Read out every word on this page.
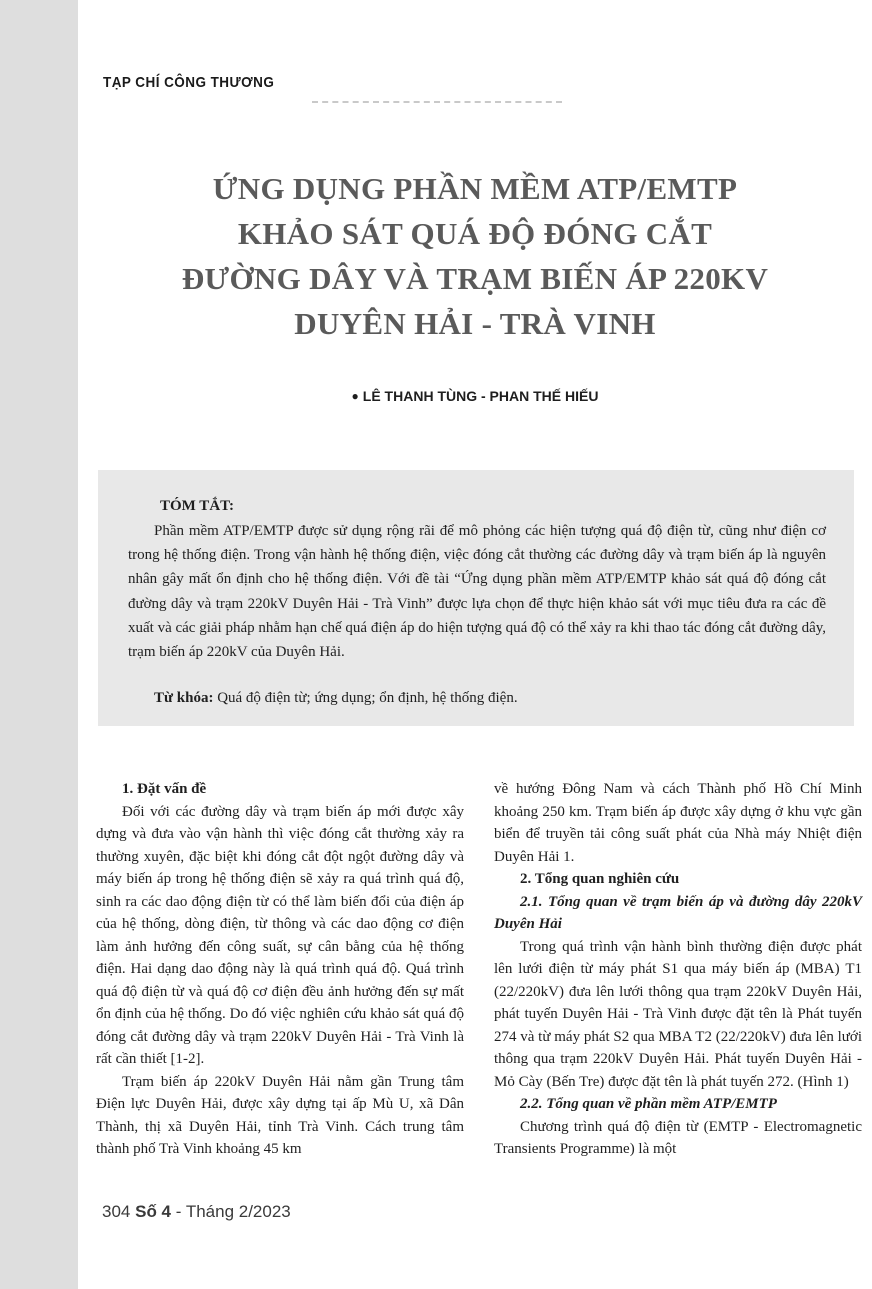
TẠP CHÍ CÔNG THƯƠNG
ỨNG DỤNG PHẦN MỀM ATP/EMTP
KHẢO SÁT QUÁ ĐỘ ĐÓNG CẮT
ĐƯỜNG DÂY VÀ TRẠM BIẾN ÁP 220KV
DUYÊN HẢI - TRÀ VINH
● LÊ THANH TÙNG - PHAN THẾ HIẾU
TÓM TẮT:
Phần mềm ATP/EMTP được sử dụng rộng rãi để mô phỏng các hiện tượng quá độ điện từ, cũng như điện cơ trong hệ thống điện. Trong vận hành hệ thống điện, việc đóng cắt thường các đường dây và trạm biến áp là nguyên nhân gây mất ổn định cho hệ thống điện. Với đề tài “Ứng dụng phần mềm ATP/EMTP khảo sát quá độ đóng cắt đường dây và trạm 220kV Duyên Hải - Trà Vinh” được lựa chọn để thực hiện khảo sát với mục tiêu đưa ra các đề xuất và các giải pháp nhằm hạn chế quá điện áp do hiện tượng quá độ có thể xảy ra khi thao tác đóng cắt đường dây, trạm biến áp 220kV của Duyên Hải.
Từ khóa: Quá độ điện từ; ứng dụng; ổn định, hệ thống điện.

1. Đặt vấn đề

Đối với các đường dây và trạm biến áp mới được xây dựng và đưa vào vận hành thì việc đóng cắt thường xảy ra thường xuyên, đặc biệt khi đóng cắt đột ngột đường dây và máy biến áp trong hệ thống điện sẽ xảy ra quá trình quá độ, sinh ra các dao động điện từ có thể làm biến đổi của điện áp của hệ thống, dòng điện, từ thông và các dao động cơ điện làm ảnh hưởng đến công suất, sự cân bằng của hệ thống điện. Hai dạng dao động này là quá trình quá độ. Quá trình quá độ điện từ và quá độ cơ điện đều ảnh hưởng đến sự mất ổn định của hệ thống. Do đó việc nghiên cứu khảo sát quá độ đóng cắt đường dây và trạm 220kV Duyên Hải - Trà Vinh là rất cần thiết [1-2].

Trạm biến áp 220kV Duyên Hải nằm gần Trung tâm Điện lực Duyên Hải, được xây dựng tại ấp Mù U, xã Dân Thành, thị xã Duyên Hải, tỉnh Trà Vinh. Cách trung tâm thành phố Trà Vinh khoảng 45 km

về hướng Đông Nam và cách Thành phố Hồ Chí Minh khoảng 250 km. Trạm biến áp được xây dựng ở khu vực gần biển để truyền tải công suất phát của Nhà máy Nhiệt điện Duyên Hải 1.

2. Tổng quan nghiên cứu

2.1. Tổng quan về trạm biến áp và đường dây 220kV Duyên Hải

Trong quá trình vận hành bình thường điện được phát lên lưới điện từ máy phát S1 qua máy biến áp (MBA) T1 (22/220kV) đưa lên lưới thông qua trạm 220kV Duyên Hải, phát tuyến Duyên Hải - Trà Vinh được đặt tên là Phát tuyến 274 và từ máy phát S2 qua MBA T2 (22/220kV) đưa lên lưới thông qua trạm 220kV Duyên Hải. Phát tuyến Duyên Hải - Mỏ Cày (Bến Tre) được đặt tên là phát tuyến 272. (Hình 1)

2.2. Tổng quan về phần mềm ATP/EMTP

Chương trình quá độ điện từ (EMTP - Electromagnetic Transients Programme) là một

304 Số 4 - Tháng 2/2023
